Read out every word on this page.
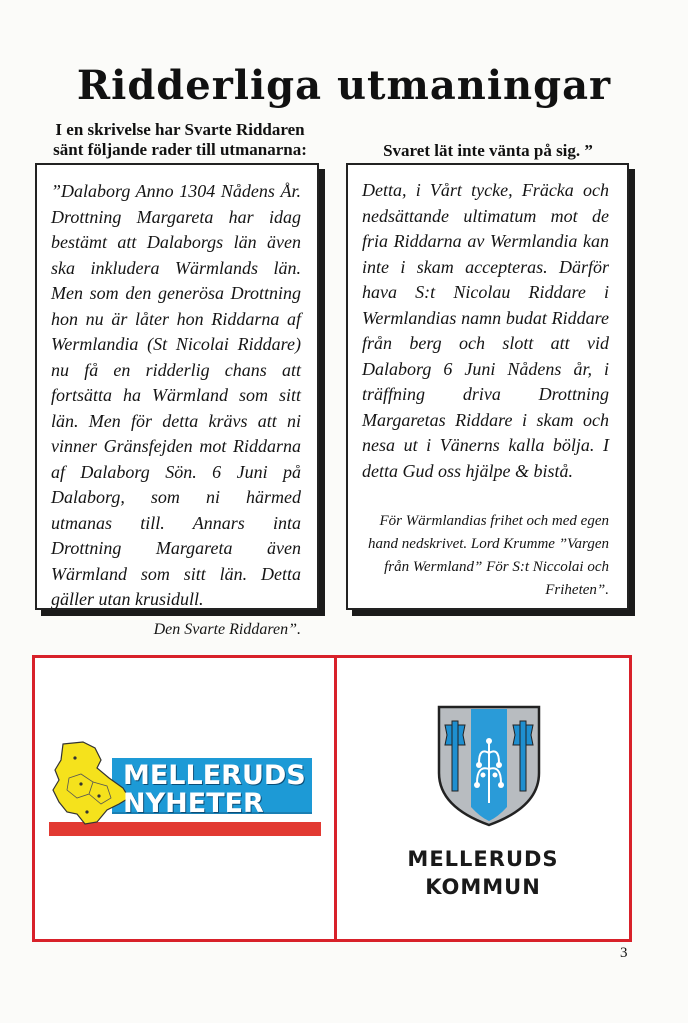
Ridderliga utmaningar

I en skrivelse har Svarte Riddaren
sänt följande rader till utmanarna:	Svaret lät inte vänta på sig. ”

”Dalaborg Anno 1304 Nådens År. Drottning Margareta har idag bestämt att Dalaborgs län även ska inkludera Wärmlands län. Men som den generösa Drottning hon nu är låter hon Riddarna af Wermlandia (St Nicolai Riddare) nu få en ridderlig chans att fortsätta ha Wärmland som sitt län. Men för detta krävs att ni vinner Gränsfejden mot Riddarna af Dalaborg Sön. 6 Juni på Dalaborg, som ni härmed utmanas till. Annars inta Drottning Margareta även Wärmland som sitt län. Detta gäller utan krusidull.

Den Svarte Riddaren”.

Detta, i Vårt tycke, Fräcka och nedsättande ultimatum mot de fria Riddarna av Wermlandia kan inte i skam accepteras. Därför hava S:t Nicolau Riddare i Wermlandias namn budat Riddare från berg och slott att vid Dalaborg 6 Juni Nådens år, i träffning driva Drottning Margaretas Riddare i skam och nesa ut i Vänerns kalla bölja. I detta Gud oss hjälpe & bistå.

För Wärmlandias frihet och med egen hand nedskrivet. Lord Krumme ”Vargen från Wermland” För S:t Niccolai och Friheten”.

MELLERUDS
NYHETER
MELLERUDS
KOMMUN
3
